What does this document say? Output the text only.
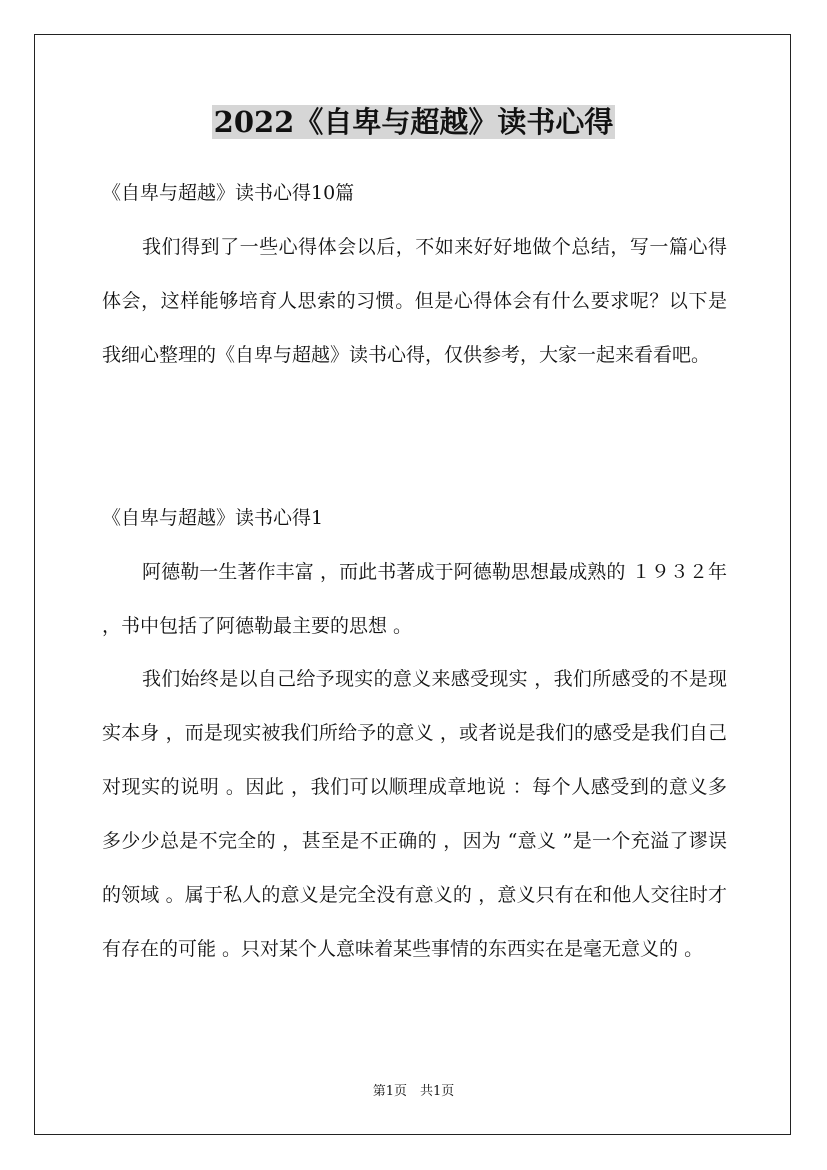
2022《自卑与超越》读书心得
《自卑与超越》读书心得10篇

我们得到了一些心得体会以后，不如来好好地做个总结，写一篇心得体会，这样能够培育人思索的习惯。但是心得体会有什么要求呢？以下是我细心整理的《自卑与超越》读书心得，仅供参考，大家一起来看看吧。

《自卑与超越》读书心得1

阿德勒一生著作丰富 ，而此书著成于阿德勒思想最成熟的 １９３２年 ，书中包括了阿德勒最主要的思想 。

我们始终是以自己给予现实的意义来感受现实 ，我们所感受的不是现实本身 ，而是现实被我们所给予的意义 ，或者说是我们的感受是我们自己对现实的说明 。因此 ，我们可以顺理成章地说 ：每个人感受到的意义多多少少总是不完全的 ，甚至是不正确的 ，因为 “意义 ”是一个充溢了谬误的领域 。属于私人的意义是完全没有意义的 ，意义只有在和他人交往时才有存在的可能 。只对某个人意味着某些事情的东西实在是毫无意义的 。

第1页　共1页
